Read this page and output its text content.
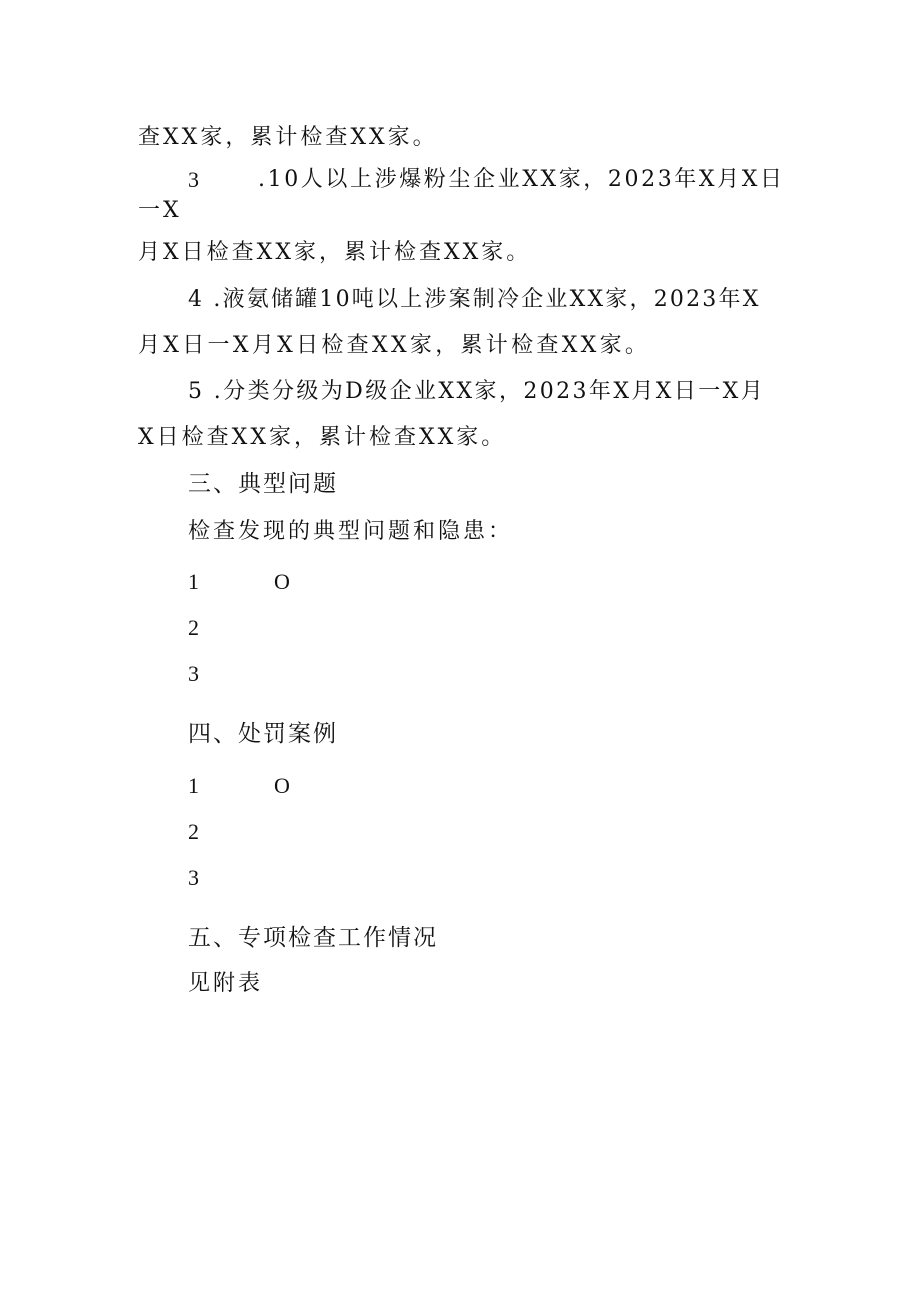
查XX家，累计检查XX家。
3	.10人以上涉爆粉尘企业XX家，2023年X月X日
一X
月X日检查XX家，累计检查XX家。
4 .液氨储罐10吨以上涉案制冷企业XX家，2023年X
月X日一X月X日检查XX家，累计检查XX家。
5 .分类分级为D级企业XX家，2023年X月X日一X月
X日检查XX家，累计检查XX家。
三、典型问题
检查发现的典型问题和隐患：
1	O
2
3
四、处罚案例
1	O
2
3
五、专项检查工作情况
见附表
